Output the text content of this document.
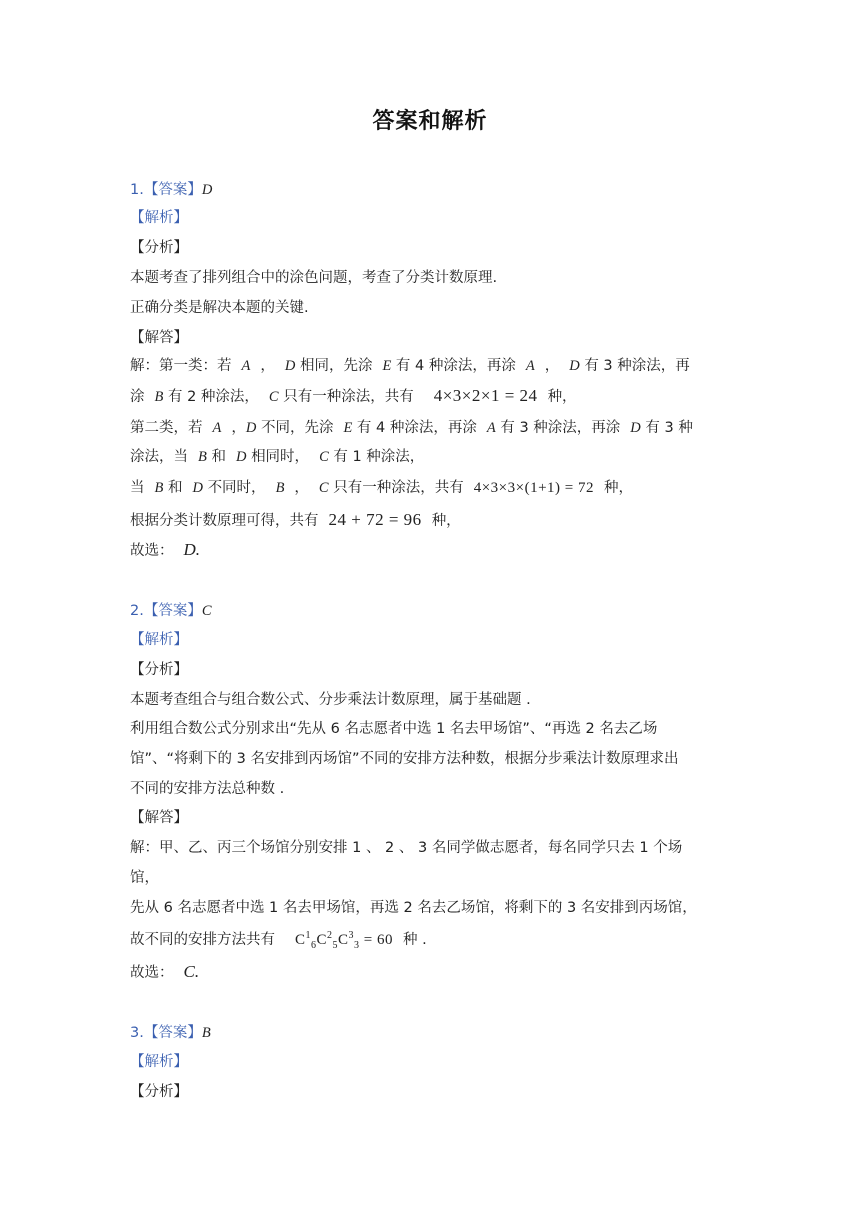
答案和解析
1.【答案】D
【解析】
【分析】
本题考查了排列组合中的涂色问题，考查了分类计数原理.
正确分类是解决本题的关键.
【解答】
解：第一类：若 A ， D 相同，先涂 E 有 4 种涂法，再涂 A ， D 有 3 种涂法，再
涂 B 有 2 种涂法， C 只有一种涂法，共有 4×3×2×1 = 24 种，
第二类，若 A ，D 不同，先涂 E 有 4 种涂法，再涂 A 有 3 种涂法，再涂 D 有 3 种
涂法，当 B 和 D 相同时， C 有 1 种涂法，
当 B 和 D 不同时， B ， C 只有一种涂法，共有 4×3×3×(1+1) = 72 种，
根据分类计数原理可得，共有 24 + 72 = 96 种，
故选： D.
2.【答案】C
【解析】
【分析】
本题考查组合与组合数公式、分步乘法计数原理，属于基础题 .
利用组合数公式分别求出“先从 6 名志愿者中选 1 名去甲场馆”、“再选 2 名去乙场
馆”、“将剩下的 3 名安排到丙场馆”不同的安排方法种数，根据分步乘法计数原理求出
不同的安排方法总种数 .
【解答】
解：甲、乙、丙三个场馆分别安排 1 、 2 、 3 名同学做志愿者，每名同学只去 1 个场
馆，
先从 6 名志愿者中选 1 名去甲场馆，再选 2 名去乙场馆，将剩下的 3 名安排到丙场馆，
故不同的安排方法共有 $C^1_6C^2_5C^3_3 = 60$ 种 .
故选： C.
3.【答案】B
【解析】
【分析】
